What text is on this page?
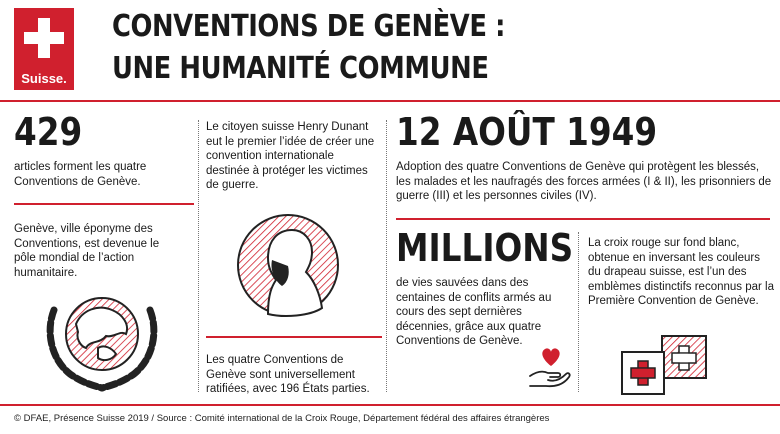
Suisse.
CONVENTIONS DE GENÈVE :
UNE HUMANITÉ COMMUNE
429
articles forment les quatre Conventions de Genève.
Genève, ville éponyme des Conventions, est devenue le pôle mondial de l’action humanitaire.
Le citoyen suisse Henry Dunant eut le premier l’idée de créer une convention internationale destinée à protéger les victimes de guerre.
Les quatre Conventions de Genève sont universellement ratifiées, avec 196 États parties.
12 AOÛT 1949
Adoption des quatre Conventions de Genève qui protègent les blessés, les malades et les naufragés des forces armées (I & II), les prisonniers de guerre (III) et les personnes civiles (IV).
MILLIONS
de vies sauvées dans des centaines de conflits armés au cours des sept dernières décennies, grâce aux quatre Conventions de Genève.
La croix rouge sur fond blanc, obtenue en inversant les couleurs du drapeau suisse, est l’un des emblèmes distinctifs reconnus par la Première Convention de Genève.
© DFAE, Présence Suisse 2019 / Source : Comité international de la Croix Rouge, Département fédéral des affaires étrangères
